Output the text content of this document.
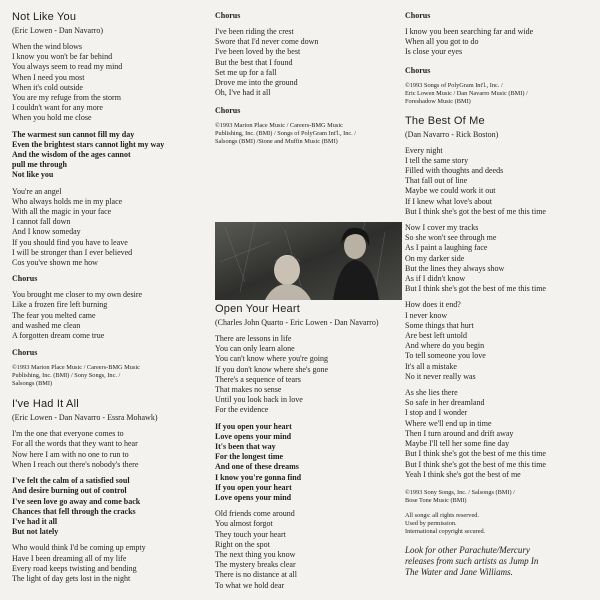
Not Like You
(Eric Lowen - Dan Navarro)
When the wind blows
I know you won't be far behind
You always seem to read my mind
When I need you most
When it's cold outside
You are my refuge from the storm
I couldn't want for any more
When you hold me close
The warmest sun cannot fill my day
Even the brightest stars cannot light my way
And the wisdom of the ages cannot
pull me through
Not like you
You're an angel
Who always holds me in my place
With all the magic in your face
I cannot fall down
And I know someday
If you should find you have to leave
I will be stronger than I ever believed
Cos you've shown me how
Chorus
You brought me closer to my own desire
Like a frozen fire left burning
The fear you melted came
and washed me clean
A forgotten dream come true
Chorus
©1993 Marion Place Music / Careers-BMG Music
Publishing, Inc. (BMI) / Sony Songs, Inc. /
Salsongs (BMI)
I've Had It All
(Eric Lowen - Dan Navarro - Essra Mohawk)
I'm the one that everyone comes to
For all the words that they want to hear
Now here I am with no one to run to
When I reach out there's nobody's there
I've felt the calm of a satisfied soul
And desire burning out of control
I've seen love go away and come back
Chances that fell through the cracks
I've had it all
But not lately
Who would think I'd be coming up empty
Have I been dreaming all of my life
Every road keeps twisting and bending
The light of day gets lost in the night
Chorus
I've been riding the crest
Swore that I'd never come down
I've been loved by the best
But the best that I found
Set me up for a fall
Drove me into the ground
Oh, I've had it all
Chorus
©1993 Marion Place Music / Careers-BMG Music
Publishing, Inc. (BMI) / Songs of PolyGram Int'l., Inc. /
Salsongs (BMI) /Stone and Muffin Music (BMI)
Open Your Heart
(Charles John Quarto - Eric Lowen - Dan Navarro)
There are lessons in life
You can only learn alone
You can't know where you're going
If you don't know where she's gone
There's a sequence of tears
That makes no sense
Until you look back in love
For the evidence
If you open your heart
Love opens your mind
It's been that way
For the longest time
And one of these dreams
I know you're gonna find
If you open your heart
Love opens your mind
Old friends come around
You almost forgot
They touch your heart
Right on the spot
The next thing you know
The mystery breaks clear
There is no distance at all
To what we hold dear
Chorus
I know you been searching far and wide
When all you got to do
Is close your eyes
Chorus
©1993 Songs of PolyGram Int'l., Inc. /
Eric Lowen Music / Dan Navarro Music (BMI) /
Foreshadow Music (BMI)
The Best Of Me
(Dan Navarro - Rick Boston)
Every night
I tell the same story
Filled with thoughts and deeds
That fall out of line
Maybe we could work it out
If I knew what love's about
But I think she's got the best of me this time
Now I cover my tracks
So she won't see through me
As I paint a laughing face
On my darker side
But the lines they always show
As if I didn't know
But I think she's got the best of me this time
How does it end?
I never know
Some things that hurt
Are best left untold
And where do you begin
To tell someone you love
It's all a mistake
No it never really was
As she lies there
So safe in her dreamland
I stop and I wonder
Where we'll end up in time
Then I turn around and drift away
Maybe I'll tell her some fine day
But I think she's got the best of me this time
But I think she's got the best of me this time
Yeah I think she's got the best of me
©1993 Sony Songs, Inc. / Salsongs (BMI) /
Bose Tone Music (BMI)
All songs: all rights reserved.
Used by permission.
International copyright secured.
Look for other Parachute/Mercury
releases from such artists as Jump In
The Water and Jane Williams.
